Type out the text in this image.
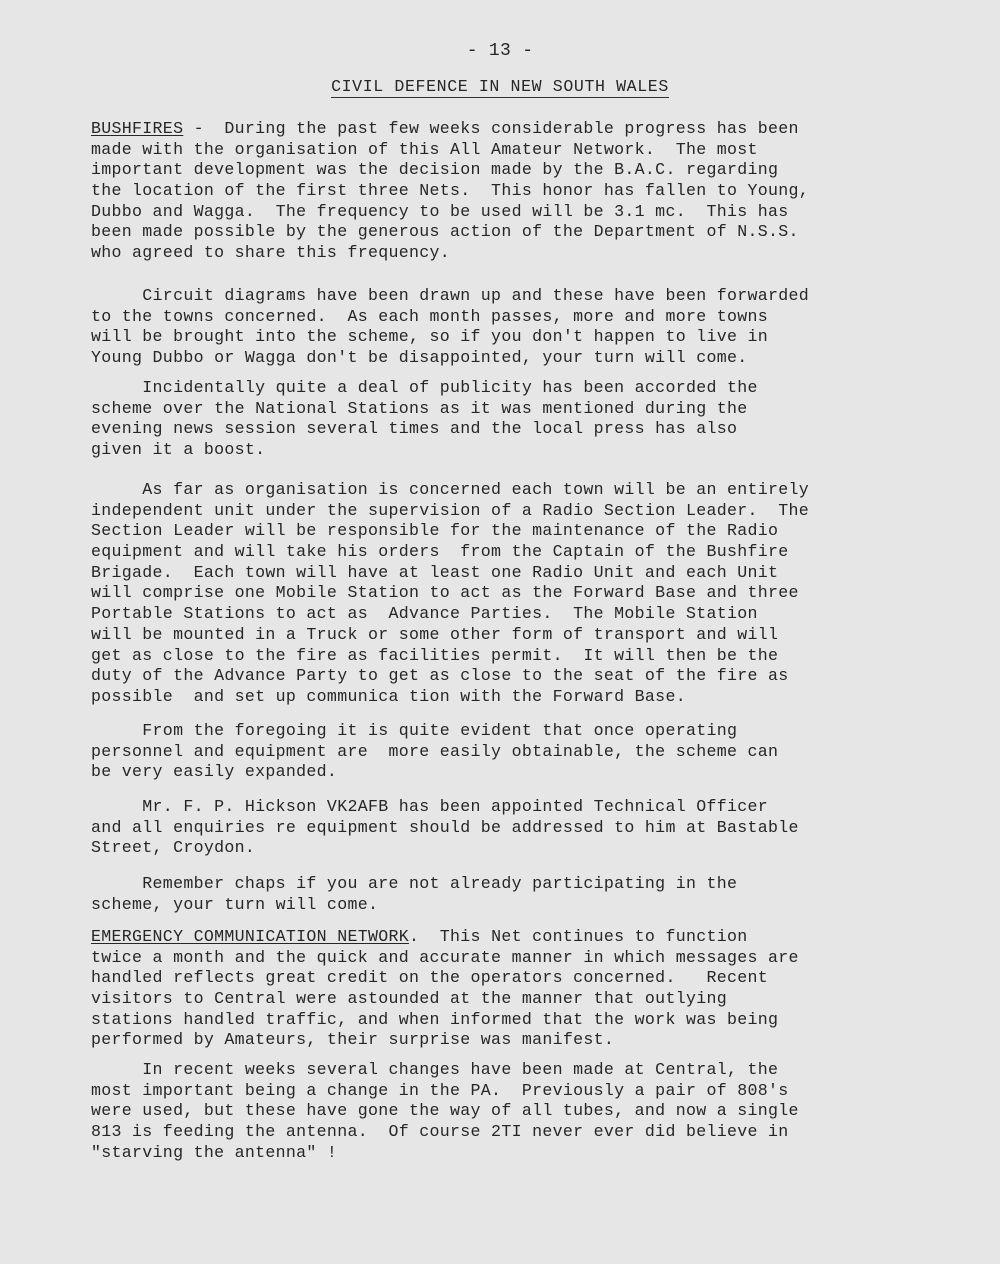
- 13 -
CIVIL DEFENCE IN NEW SOUTH WALES
BUSHFIRES -  During the past few weeks considerable progress has been
made with the organisation of this All Amateur Network.  The most
important development was the decision made by the B.A.C. regarding
the location of the first three Nets.  This honor has fallen to Young,
Dubbo and Wagga.  The frequency to be used will be 3.1 mc.  This has
been made possible by the generous action of the Department of N.S.S.
who agreed to share this frequency.
Circuit diagrams have been drawn up and these have been forwarded
to the towns concerned.  As each month passes, more and more towns
will be brought into the scheme, so if you don't happen to live in
Young Dubbo or Wagga don't be disappointed, your turn will come.
Incidentally quite a deal of publicity has been accorded the
scheme over the National Stations as it was mentioned during the
evening news session several times and the local press has also
given it a boost.
As far as organisation is concerned each town will be an entirely
independent unit under the supervision of a Radio Section Leader.  The
Section Leader will be responsible for the maintenance of the Radio
equipment and will take his orders  from the Captain of the Bushfire
Brigade.  Each town will have at least one Radio Unit and each Unit
will comprise one Mobile Station to act as the Forward Base and three
Portable Stations to act as  Advance Parties.  The Mobile Station
will be mounted in a Truck or some other form of transport and will
get as close to the fire as facilities permit.  It will then be the
duty of the Advance Party to get as close to the seat of the fire as
possible  and set up communica tion with the Forward Base.
From the foregoing it is quite evident that once operating
personnel and equipment are  more easily obtainable, the scheme can
be very easily expanded.
Mr. F. P. Hickson VK2AFB has been appointed Technical Officer
and all enquiries re equipment should be addressed to him at Bastable
Street, Croydon.
Remember chaps if you are not already participating in the
scheme, your turn will come.
EMERGENCY COMMUNICATION NETWORK.  This Net continues to function
twice a month and the quick and accurate manner in which messages are
handled reflects great credit on the operators concerned.   Recent
visitors to Central were astounded at the manner that outlying
stations handled traffic, and when informed that the work was being
performed by Amateurs, their surprise was manifest.
In recent weeks several changes have been made at Central, the
most important being a change in the PA.  Previously a pair of 808's
were used, but these have gone the way of all tubes, and now a single
813 is feeding the antenna.  Of course 2TI never ever did believe in
"starving the antenna" !
